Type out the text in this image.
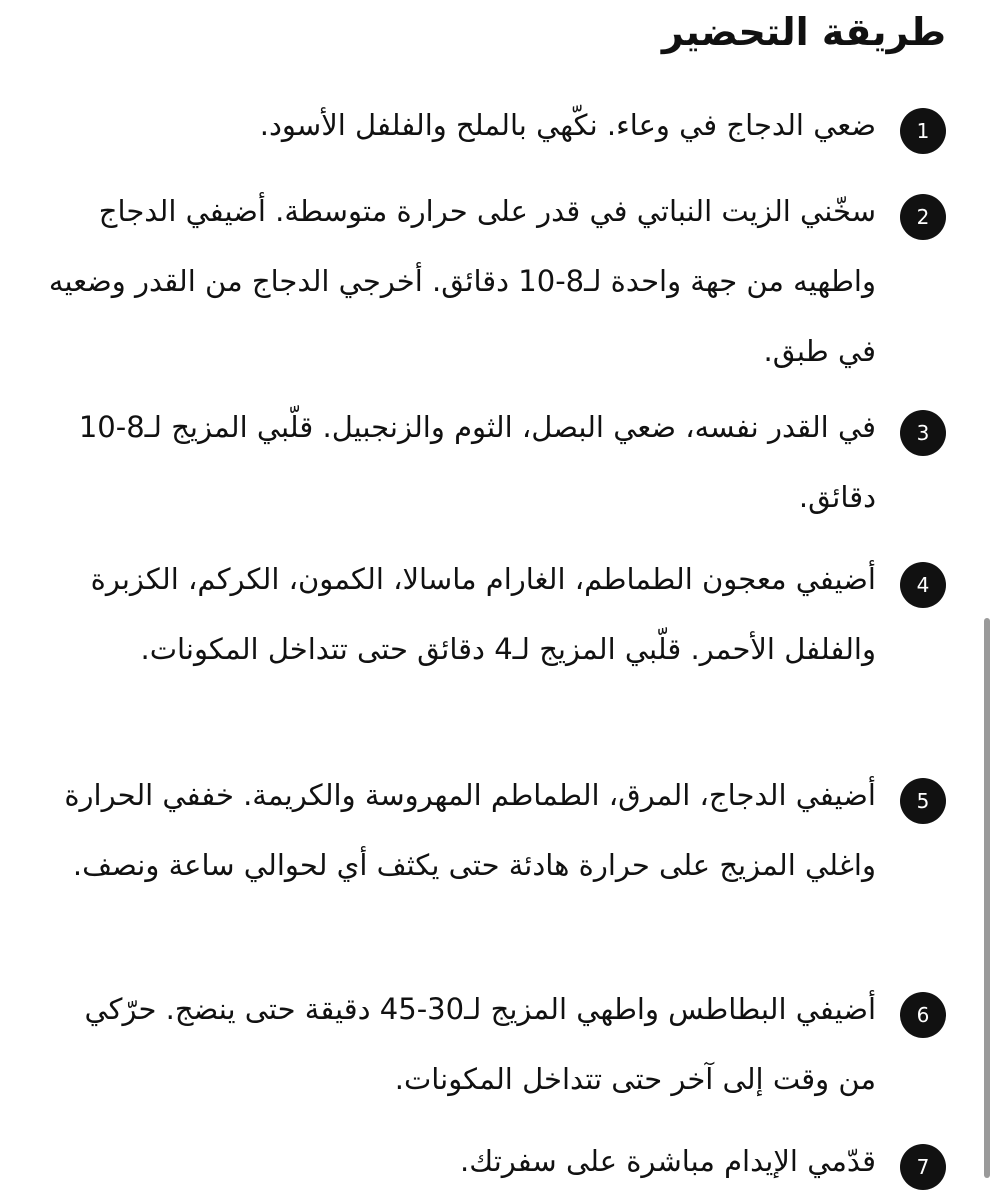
طريقة التحضير
1
ضعي الدجاج في وعاء. نكّهي بالملح والفلفل الأسود.
2
سخّني الزيت النباتي في قدر على حرارة متوسطة. أضيفي الدجاج واطهيه من جهة واحدة لـ8-10 دقائق. أخرجي الدجاج من القدر وضعيه في طبق.
3
في القدر نفسه، ضعي البصل، الثوم والزنجبيل. قلّبي المزيج لـ8-10 دقائق.
4
أضيفي معجون الطماطم، الغارام ماسالا، الكمون، الكركم، الكزبرة والفلفل الأحمر. قلّبي المزيج لـ4 دقائق حتى تتداخل المكونات.
5
أضيفي الدجاج، المرق، الطماطم المهروسة والكريمة. خففي الحرارة واغلي المزيج على حرارة هادئة حتى يكثف أي لحوالي ساعة ونصف.
6
أضيفي البطاطس واطهي المزيج لـ30-45 دقيقة حتى ينضج. حرّكي من وقت إلى آخر حتى تتداخل المكونات.
7
قدّمي الإيدام مباشرة على سفرتك.
